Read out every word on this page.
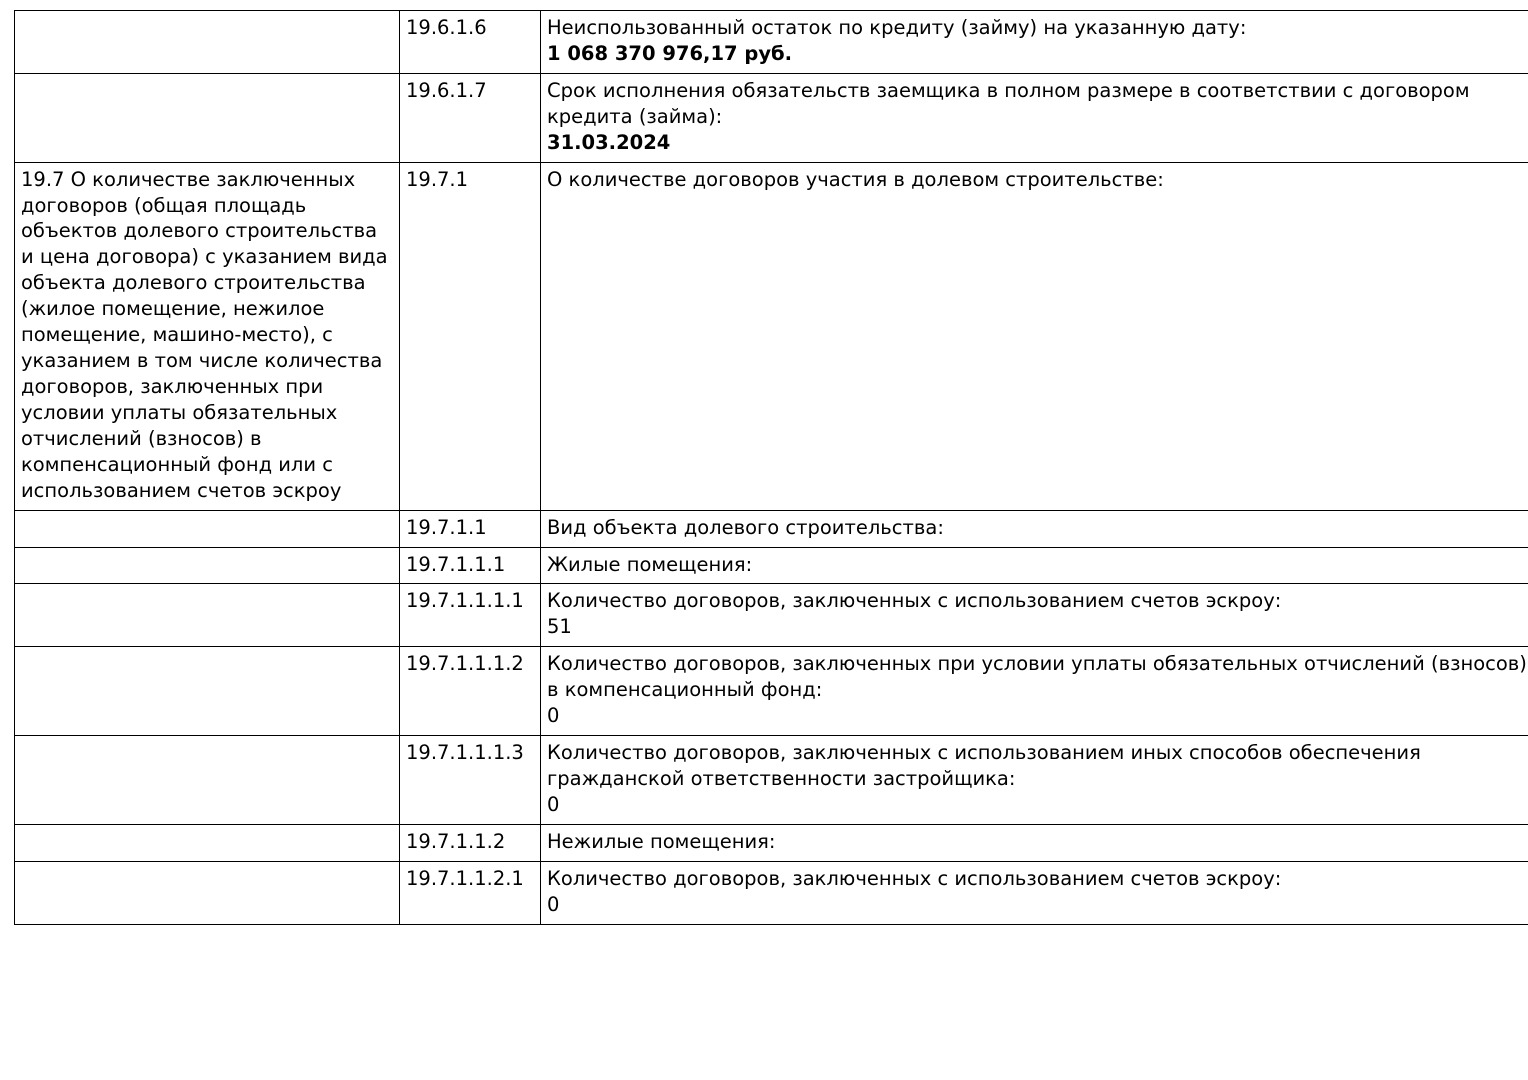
	19.6.1.6	Неиспользованный остаток по кредиту (займу) на указанную дату:
1 068 370 976,17 руб.

	19.6.1.7	Срок исполнения обязательств заемщика в полном размере в соответствии с договором кредита (займа):
31.03.2024

19.7 О количестве заключенных договоров (общая площадь объектов долевого строительства и цена договора) с указанием вида объекта долевого строительства (жилое помещение, нежилое помещение, машино-место), с указанием в том числе количества договоров, заключенных при условии уплаты обязательных отчислений (взносов) в компенсационный фонд или с использованием счетов эскроу	19.7.1	О количестве договоров участия в долевом строительстве:

	19.7.1.1	Вид объекта долевого строительства:

	19.7.1.1.1	Жилые помещения:

	19.7.1.1.1.1	Количество договоров, заключенных с использованием счетов эскроу:
51

	19.7.1.1.1.2	Количество договоров, заключенных при условии уплаты обязательных отчислений (взносов) в компенсационный фонд:
0

	19.7.1.1.1.3	Количество договоров, заключенных с использованием иных способов обеспечения гражданской ответственности застройщика:
0

	19.7.1.1.2	Нежилые помещения:

	19.7.1.1.2.1	Количество договоров, заключенных с использованием счетов эскроу:
0
